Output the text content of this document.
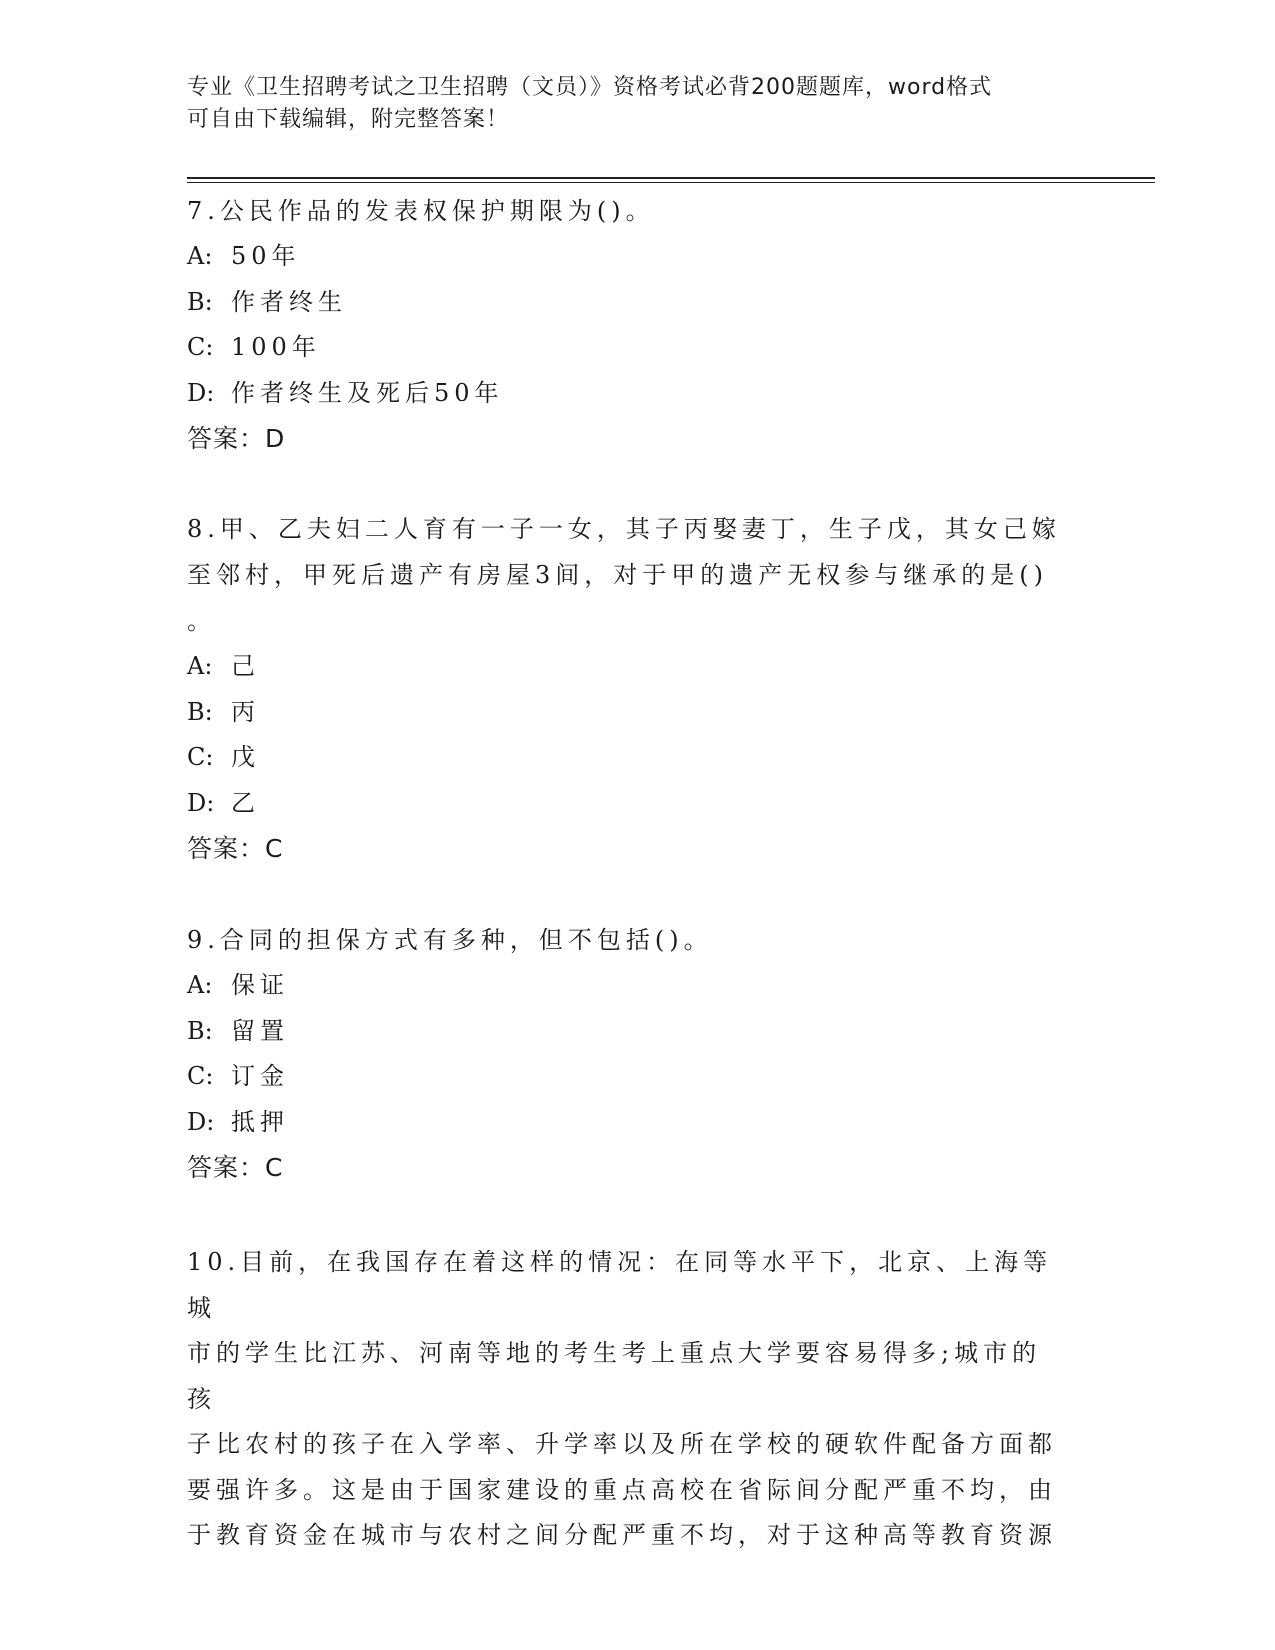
专业《卫生招聘考试之卫生招聘（文员）》资格考试必背200题题库，word格式
可自由下载编辑，附完整答案！

7.公民作品的发表权保护期限为()。

A: 50年

B: 作者终生

C: 100年

D: 作者终生及死后50年

答案：D

8.甲、乙夫妇二人育有一子一女，其子丙娶妻丁，生子戊，其女己嫁

至邻村，甲死后遗产有房屋3间，对于甲的遗产无权参与继承的是()

。

A: 己

B: 丙

C: 戊

D: 乙

答案：C

9.合同的担保方式有多种，但不包括()。

A: 保证

B: 留置

C: 订金

D: 抵押

答案：C

10.目前，在我国存在着这样的情况：在同等水平下，北京、上海等城

市的学生比江苏、河南等地的考生考上重点大学要容易得多;城市的孩

子比农村的孩子在入学率、升学率以及所在学校的硬软件配备方面都

要强许多。这是由于国家建设的重点高校在省际间分配严重不均，由

于教育资金在城市与农村之间分配严重不均，对于这种高等教育资源
